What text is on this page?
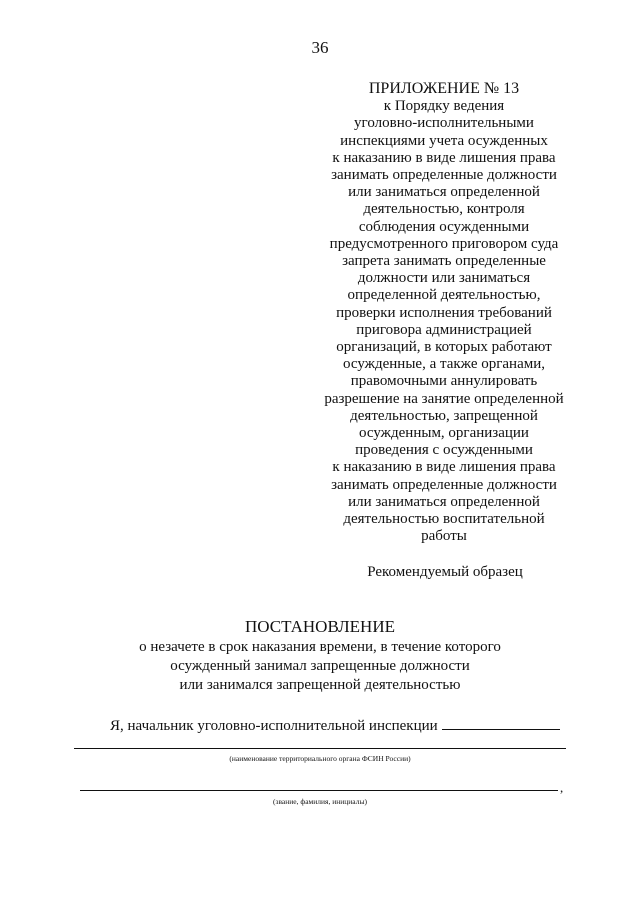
36
ПРИЛОЖЕНИЕ № 13
к Порядку ведения
уголовно-исполнительными
инспекциями учета осужденных
к наказанию в виде лишения права
занимать определенные должности
или заниматься определенной
деятельностью, контроля
соблюдения осужденными
предусмотренного приговором суда
запрета занимать определенные
должности или заниматься
определенной деятельностью,
проверки исполнения требований
приговора администрацией
организаций, в которых работают
осужденные, а также органами,
правомочными аннулировать
разрешение на занятие определенной
деятельностью, запрещенной
осужденным, организации
проведения с осужденными
к наказанию в виде лишения права
занимать определенные должности
или заниматься определенной
деятельностью воспитательной
работы
Рекомендуемый образец
ПОСТАНОВЛЕНИЕ
о незачете в срок наказания времени, в течение которого
осужденный занимал запрещенные должности
или занимался запрещенной деятельностью
Я, начальник уголовно-исполнительной инспекции
(наименование территориального органа ФСИН России)
,
(звание, фамилия, инициалы)
